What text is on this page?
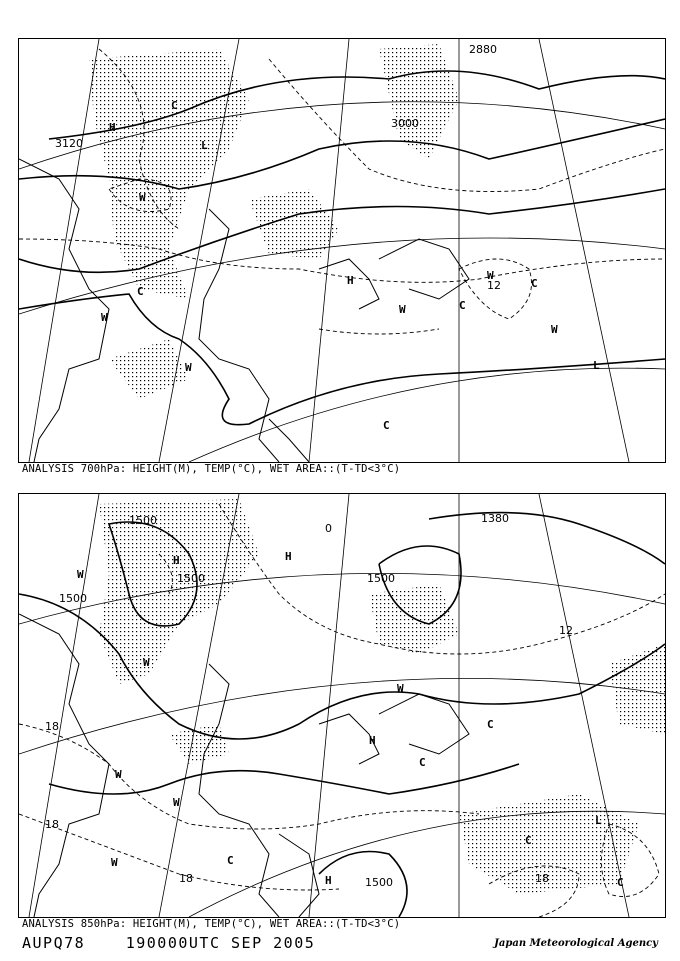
3120
3000
2880
12
C
L
H
W
C
W
W
H
W	C
W
L
W
C
C
ANALYSIS 700hPa: HEIGHT(M), TEMP(°C), WET AREA::(T-TD<3°C)
1500
1500
1500
1500
1380
1500
18
18
18	18
0
12
W
H	H
W
C
W
W
H
C
C
W
C
W
L
C
H
ANALYSIS 850hPa: HEIGHT(M), TEMP(°C), WET AREA::(T-TD<3°C)
AUPQ78	190000UTC SEP 2005	Japan Meteorological Agency
